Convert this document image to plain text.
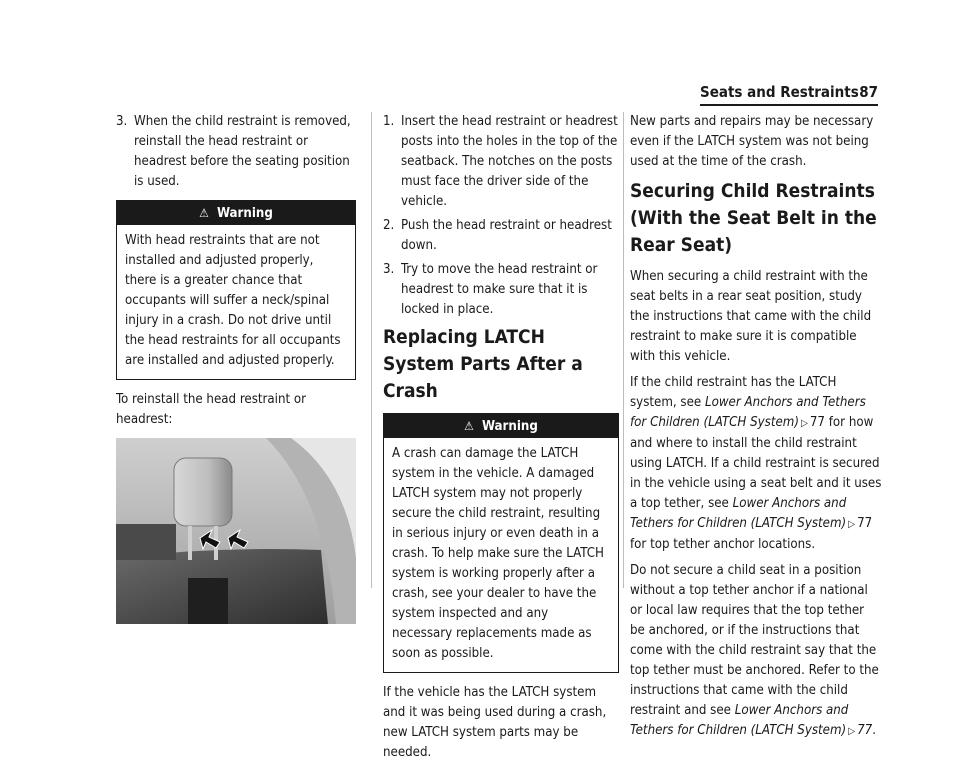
Seats and Restraints 87
3. When the child restraint is removed, reinstall the head restraint or headrest before the seating position is used.
⚠ Warning

With head restraints that are not installed and adjusted properly, there is a greater chance that occupants will suffer a neck/spinal injury in a crash. Do not drive until the head restraints for all occupants are installed and adjusted properly.

To reinstall the head restraint or headrest:

1. Insert the head restraint or headrest posts into the holes in the top of the seatback. The notches on the posts must face the driver side of the vehicle.
2. Push the head restraint or headrest down.
3. Try to move the head restraint or headrest to make sure that it is locked in place.
Replacing LATCH System Parts After a Crash
⚠ Warning

A crash can damage the LATCH system in the vehicle. A damaged LATCH system may not properly secure the child restraint, resulting in serious injury or even death in a crash. To help make sure the LATCH system is working properly after a crash, see your dealer to have the system inspected and any necessary replacements made as soon as possible.

If the vehicle has the LATCH system and it was being used during a crash, new LATCH system parts may be needed.

New parts and repairs may be necessary even if the LATCH system was not being used at the time of the crash.

Securing Child Restraints (With the Seat Belt in the Rear Seat)

When securing a child restraint with the seat belts in a rear seat position, study the instructions that came with the child restraint to make sure it is compatible with this vehicle.

If the child restraint has the LATCH system, see Lower Anchors and Tethers for Children (LATCH System) ▷ 77 for how and where to install the child restraint using LATCH. If a child restraint is secured in the vehicle using a seat belt and it uses a top tether, see Lower Anchors and Tethers for Children (LATCH System) ▷ 77 for top tether anchor locations.

Do not secure a child seat in a position without a top tether anchor if a national or local law requires that the top tether be anchored, or if the instructions that come with the child restraint say that the top tether must be anchored. Refer to the instructions that came with the child restraint and see Lower Anchors and Tethers for Children (LATCH System) ▷ 77.
